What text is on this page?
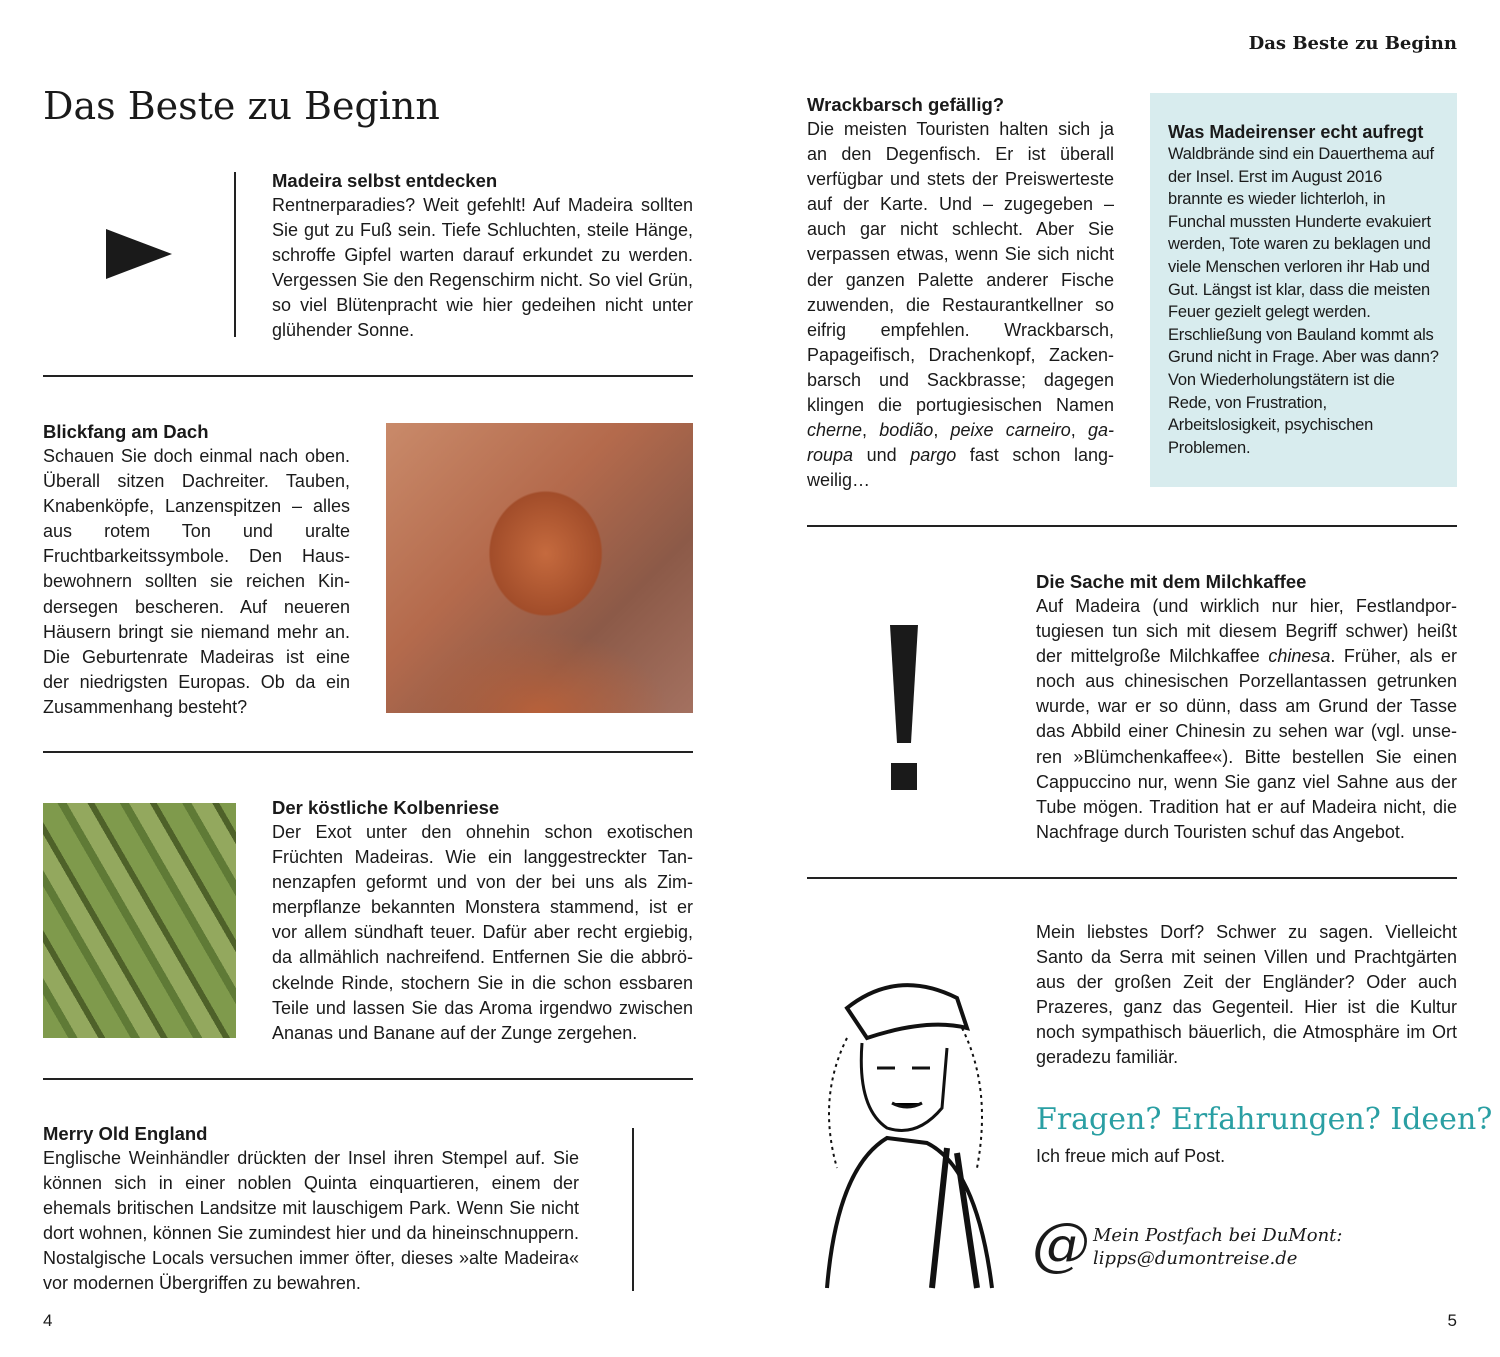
Das Beste zu Beginn
Das Beste zu Beginn
Madeira selbst entdecken
Rentnerparadies? Weit gefehlt! Auf Madeira sollten Sie gut zu Fuß sein. Tiefe Schluchten, steile Hänge, schroffe Gipfel warten darauf erkundet zu werden. Vergessen Sie den Regenschirm nicht. So viel Grün, so viel Blütenpracht wie hier gedeihen nicht unter glühender Sonne.
Blickfang am Dach
Schauen Sie doch einmal nach oben. Überall sitzen Dachreiter. Tauben, Knabenköpfe, Lanzenspitzen – alles aus rotem Ton und uralte Fruchtbarkeitssymbole. Den Hausbewohnern sollten sie reichen Kindersegen bescheren. Auf neueren Häusern bringt sie niemand mehr an. Die Geburtenrate Madeiras ist eine der niedrigsten Europas. Ob da ein Zusammenhang besteht?
Der köstliche Kolbenriese
Der Exot unter den ohnehin schon exotischen Früchten Madeiras. Wie ein langgestreckter Tannenzapfen geformt und von der bei uns als Zimmerpflanze bekannten Monstera stammend, ist er vor allem sündhaft teuer. Dafür aber recht ergiebig, da allmählich nachreifend. Entfernen Sie die abbröckelnde Rinde, stochern Sie in die schon essbaren Teile und lassen Sie das Aroma irgendwo zwischen Ananas und Banane auf der Zunge zergehen.
Merry Old England
Englische Weinhändler drückten der Insel ihren Stempel auf. Sie können sich in einer noblen Quinta einquartieren, einem der ehemals britischen Landsitze mit lauschigem Park. Wenn Sie nicht dort wohnen, können Sie zumindest hier und da hineinschnuppern. Nostalgische Locals versuchen immer öfter, dieses »alte Madeira« vor modernen Übergriffen zu bewahren.
4
Wrackbarsch gefällig?
Die meisten Touristen halten sich ja an den Degenfisch. Er ist überall verfügbar und stets der Preiswerteste auf der Karte. Und – zugegeben – auch gar nicht schlecht. Aber Sie verpassen etwas, wenn Sie sich nicht der ganzen Palette anderer Fische zuwenden, die Restaurantkellner so eifrig empfehlen. Wrackbarsch, Papageifisch, Drachenkopf, Zackenbarsch und Sackbrasse; dagegen klingen die portugiesischen Namen cherne, bodião, peixe carneiro, garoupa und pargo fast schon langweilig…
Was Madeirenser echt aufregt
Waldbrände sind ein Dauerthema auf der Insel. Erst im August 2016 brannte es wieder lichterloh, in Funchal mussten Hunderte evakuiert werden, Tote waren zu beklagen und viele Menschen verloren ihr Hab und Gut. Längst ist klar, dass die meisten Feuer gezielt gelegt werden. Erschließung von Bauland kommt als Grund nicht in Frage. Aber was dann? Von Wiederholungstätern ist die Rede, von Frustration, Arbeitslosigkeit, psychischen Problemen.
Die Sache mit dem Milchkaffee
Auf Madeira (und wirklich nur hier, Festlandportugiesen tun sich mit diesem Begriff schwer) heißt der mittelgroße Milchkaffee chinesa. Früher, als er noch aus chinesischen Porzellantassen getrunken wurde, war er so dünn, dass am Grund der Tasse das Abbild einer Chinesin zu sehen war (vgl. unseren »Blümchenkaffee«). Bitte bestellen Sie einen Cappuccino nur, wenn Sie ganz viel Sahne aus der Tube mögen. Tradition hat er auf Madeira nicht, die Nachfrage durch Touristen schuf das Angebot.
Mein liebstes Dorf? Schwer zu sagen. Vielleicht Santo da Serra mit seinen Villen und Prachtgärten aus der großen Zeit der Engländer? Oder auch Prazeres, ganz das Gegenteil. Hier ist die Kultur noch sympathisch bäuerlich, die Atmosphäre im Ort geradezu familiär.
Fragen? Erfahrungen? Ideen?
Ich freue mich auf Post.
@ Mein Postfach bei DuMont:
lipps@dumontreise.de
5
